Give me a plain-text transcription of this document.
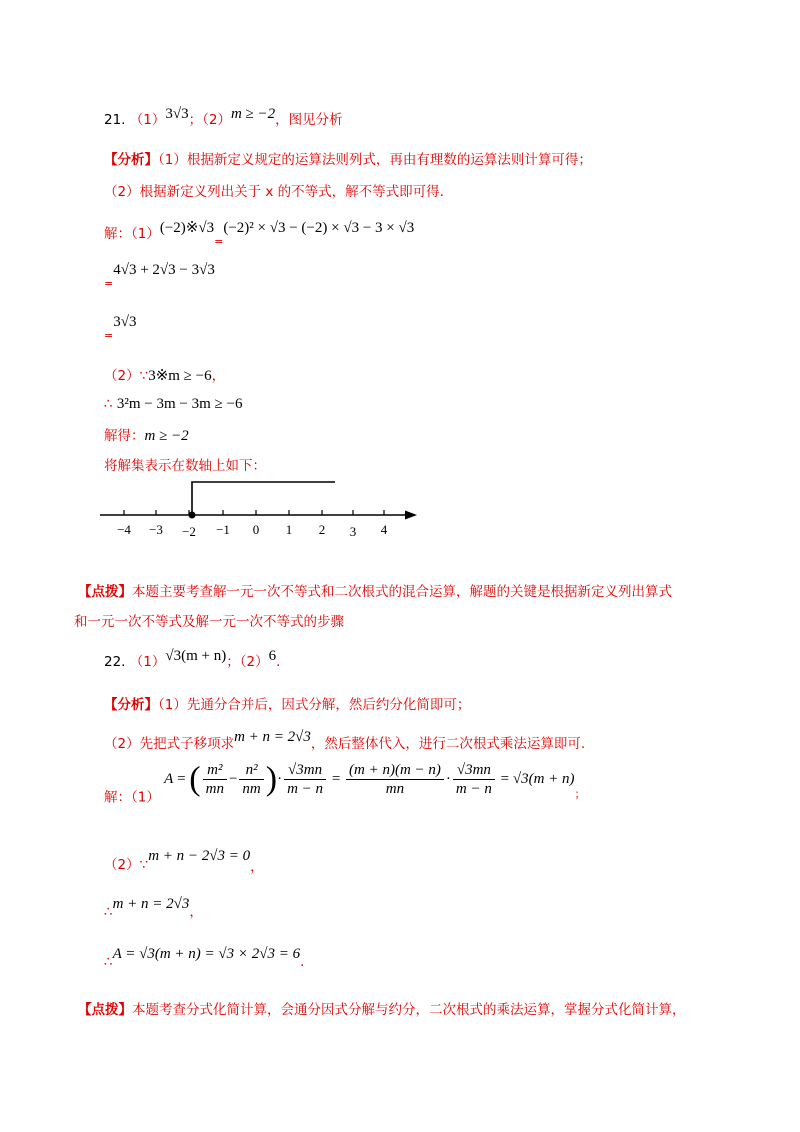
21. （1）3√3；（2）m ≥ −2，图见分析
【分析】（1）根据新定义规定的运算法则列式，再由有理数的运算法则计算可得；
（2）根据新定义列出关于 x 的不等式，解不等式即可得.
解：$(1)(-2)※√3_=(-2)^2 \times √3 - (-2) \times √3 - 3 \times √3$
$_=$4√3 + 2√3 − 3√3
$_=$3√3
（2）∵3※m ≥ −6，
∴ 3²m − 3m − 3m ≥ −6
解得：m ≥ −2
将解集表示在数轴上如下：
−4 −3 −2 −1 0 1 2 3 4
【点拨】本题主要考查解一元一次不等式和二次根式的混合运算，解题的关键是根据新定义列出算式
和一元一次不等式及解一元一次不等式的步骤
22. （1）√3(m + n)；（2）6.
【分析】（1）先通分合并后，因式分解，然后约分化简即可；
（2）先把式子移项求m + n = 2√3，然后整体代入，进行二次根式乘法运算即可.
解：（1） A = ( $\frac{\text{m²}}{mn} - \frac{\text{n²}}{nm}$ )· $\frac{√3mn}{m - n} = \frac{(m + n)(m - n)}{mn} \cdot \frac{√3mn}{m - n} = √3(m + n)_;$
（2）∵m + n − 2√3 = 0，
∴m + n = 2√3，
∴A = √3(m + n) = √3 × 2√3 = 6.
【点拨】本题考查分式化简计算，会通分因式分解与约分，二次根式的乘法运算，掌握分式化简计算，
